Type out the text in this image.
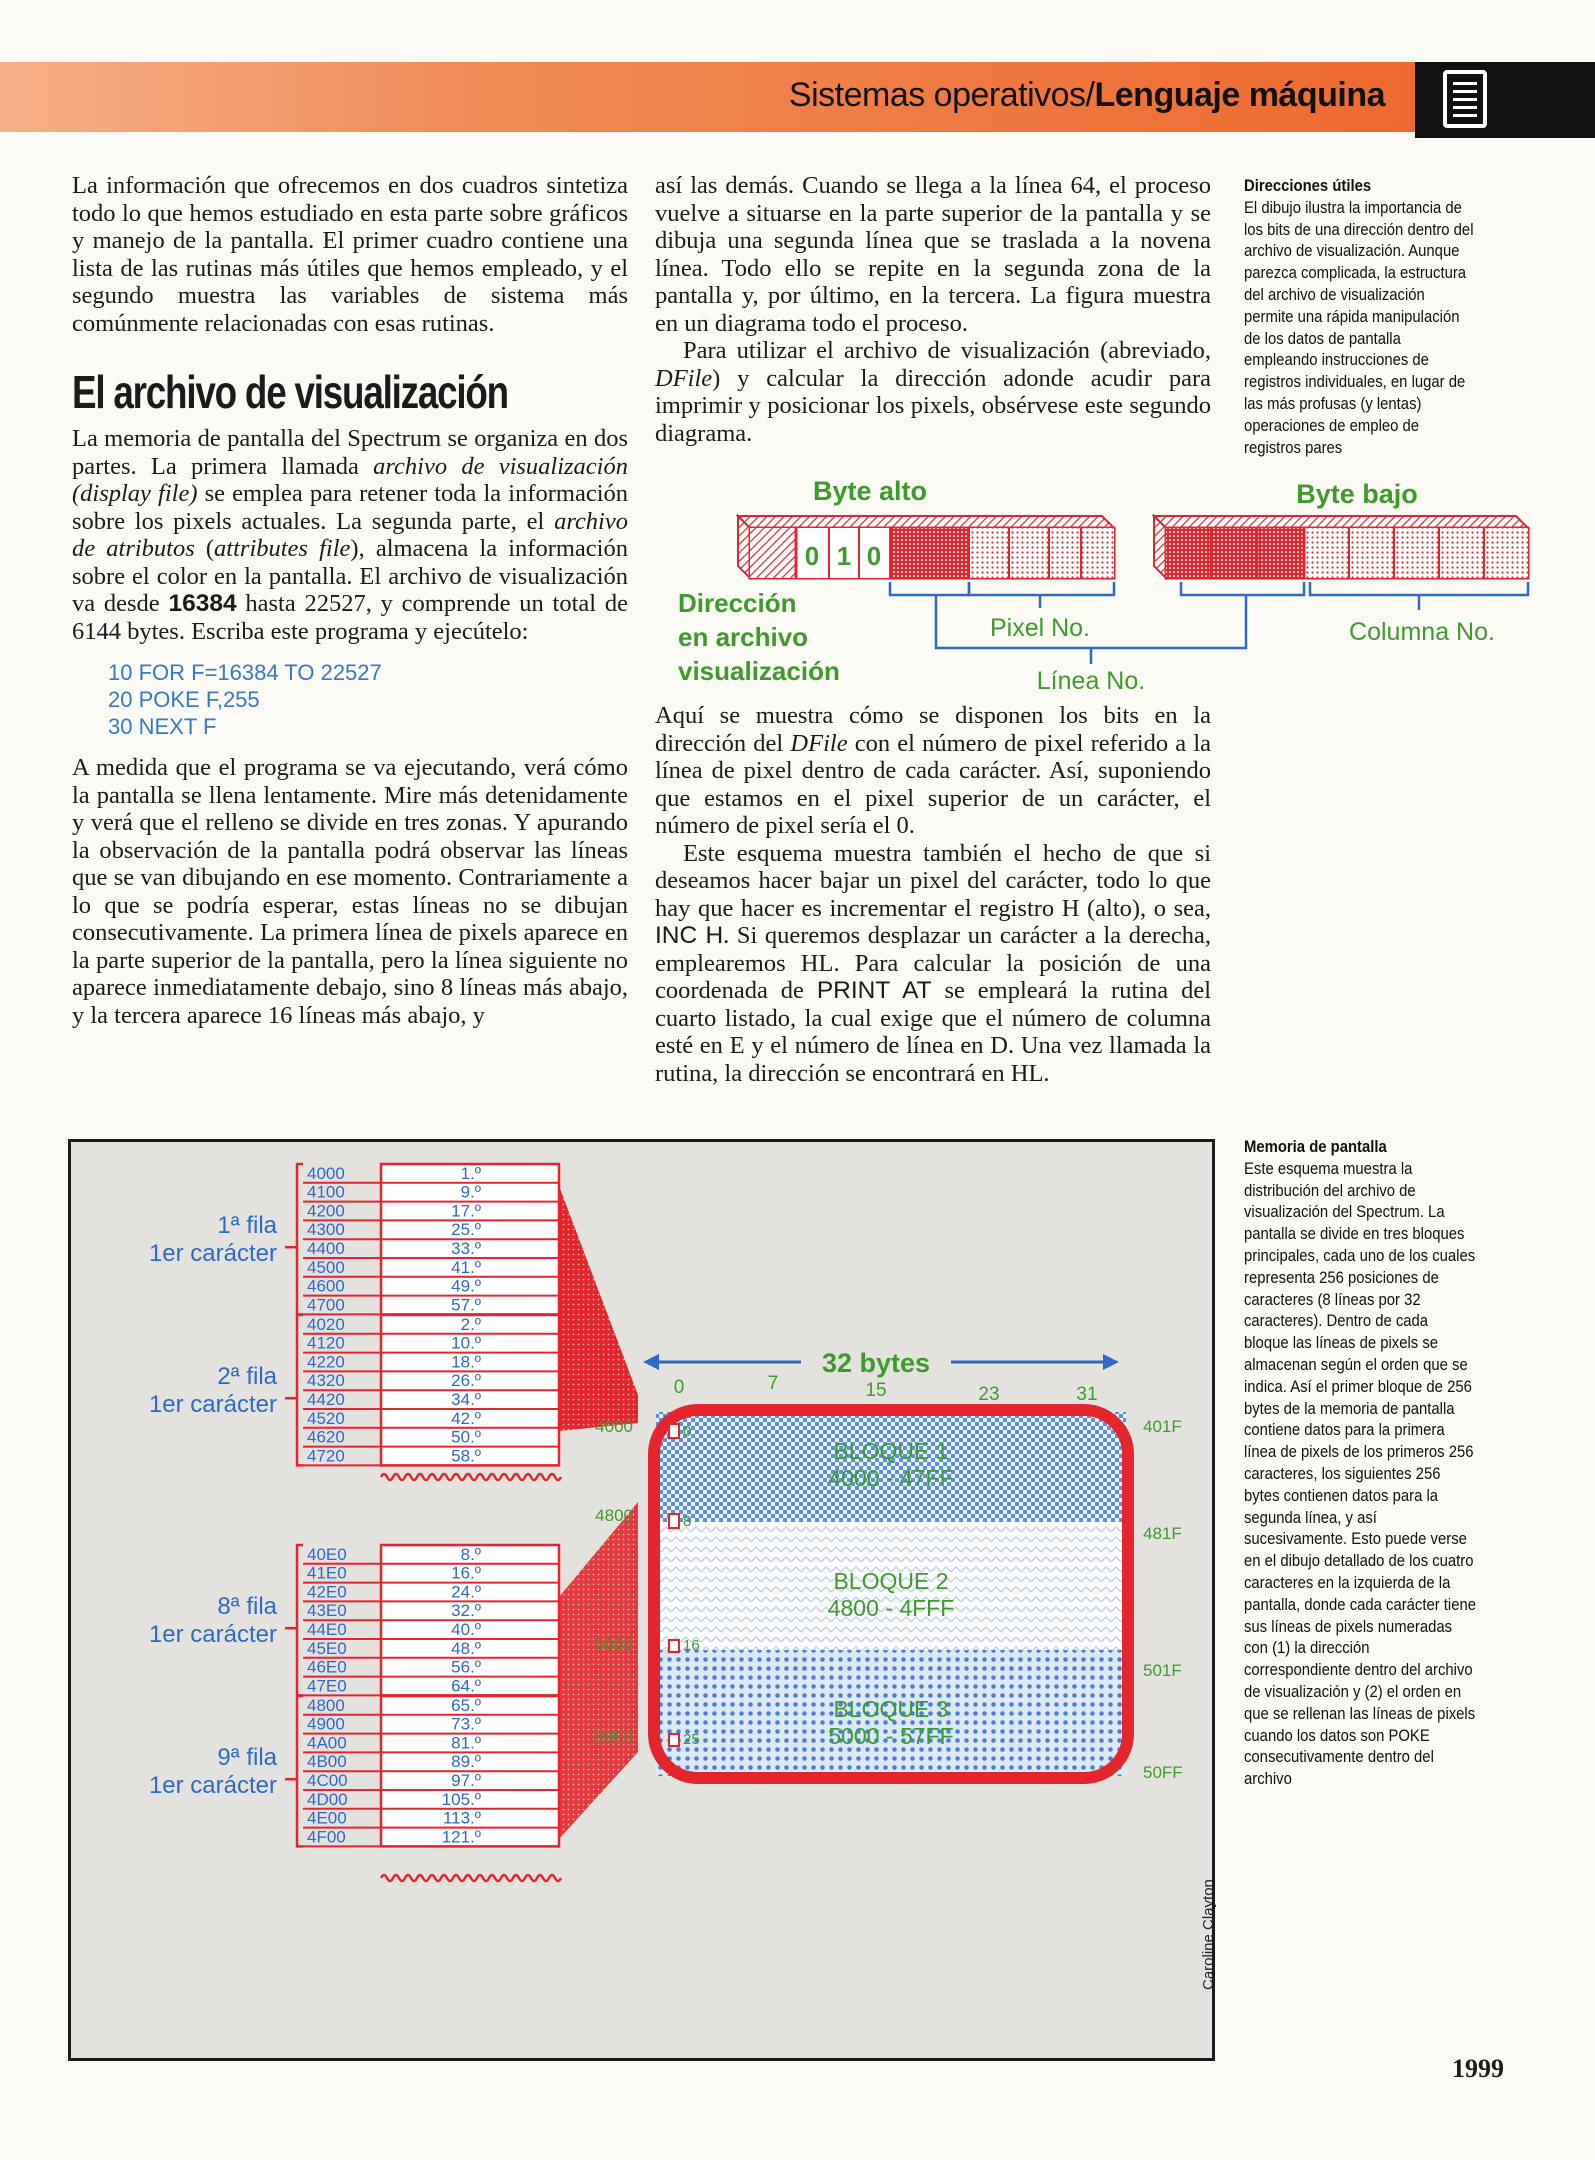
Sistemas operativos/Lenguaje máquina

La información que ofrecemos en dos cuadros sintetiza todo lo que hemos estudiado en esta parte sobre gráficos y manejo de la pantalla. El primer cuadro contiene una lista de las rutinas más útiles que hemos empleado, y el segundo muestra las variables de sistema más comúnmente relacionadas con esas rutinas.

El archivo de visualización

La memoria de pantalla del Spectrum se organiza en dos partes. La primera llamada archivo de visualización (display file) se emplea para retener toda la información sobre los pixels actuales. La segunda parte, el archivo de atributos (attributes file), almacena la información sobre el color en la pantalla. El archivo de visualización va desde 16384 hasta 22527, y comprende un total de 6144 bytes. Escriba este programa y ejecútelo:

10 FOR F=16384 TO 22527
20 POKE F,255
30 NEXT F

A medida que el programa se va ejecutando, verá cómo la pantalla se llena lentamente. Mire más detenidamente y verá que el relleno se divide en tres zonas. Y apurando la observación de la pantalla podrá observar las líneas que se van dibujando en ese momento. Contrariamente a lo que se podría esperar, estas líneas no se dibujan consecutivamente. La primera línea de pixels aparece en la parte superior de la pantalla, pero la línea siguiente no aparece inmediatamente debajo, sino 8 líneas más abajo, y la tercera aparece 16 líneas más abajo, y

así las demás. Cuando se llega a la línea 64, el proceso vuelve a situarse en la parte superior de la pantalla y se dibuja una segunda línea que se traslada a la novena línea. Todo ello se repite en la segunda zona de la pantalla y, por último, en la tercera. La figura muestra en un diagrama todo el proceso.

Para utilizar el archivo de visualización (abreviado, DFile) y calcular la dirección adonde acudir para imprimir y posicionar los pixels, obsérvese este segundo diagrama.

Aquí se muestra cómo se disponen los bits en la dirección del DFile con el número de pixel referido a la línea de pixel dentro de cada carácter. Así, suponiendo que estamos en el pixel superior de un carácter, el número de pixel sería el 0.

Este esquema muestra también el hecho de que si deseamos hacer bajar un pixel del carácter, todo lo que hay que hacer es incrementar el registro H (alto), o sea, INC H. Si queremos desplazar un carácter a la derecha, emplearemos HL. Para calcular la posición de una coordenada de PRINT AT se empleará la rutina del cuarto listado, la cual exige que el número de columna esté en E y el número de línea en D. Una vez llamada la rutina, la dirección se encontrará en HL.

Direcciones útiles
El dibujo ilustra la importancia de los bits de una dirección dentro del archivo de visualización. Aunque parezca complicada, la estructura del archivo de visualización permite una rápida manipulación de los datos de pantalla empleando instrucciones de registros individuales, en lugar de las más profusas (y lentas) operaciones de empleo de registros pares
Memoria de pantalla
Este esquema muestra la distribución del archivo de visualización del Spectrum. La pantalla se divide en tres bloques principales, cada uno de los cuales representa 256 posiciones de caracteres (8 líneas por 32 caracteres). Dentro de cada bloque las líneas de pixels se almacenan según el orden que se indica. Así el primer bloque de 256 bytes de la memoria de pantalla contiene datos para la primera línea de pixels de los primeros 256 caracteres, los siguientes 256 bytes contienen datos para la segunda línea, y así sucesivamente. Esto puede verse en el dibujo detallado de los cuatro caracteres en la izquierda de la pantalla, donde cada carácter tiene sus líneas de pixels numeradas con (1) la dirección correspondiente dentro del archivo de visualización y (2) el orden en que se rellenan las líneas de pixels cuando los datos son POKE consecutivamente dentro del archivo
Byte alto	Byte bajo
0 1 0
Dirección
en archivo
visualización
Pixel No.
Línea No.
Columna No.
32 bytes
0	7	15	23	31
BLOQUE 1
4000 - 47FF
BLOQUE 2
4800 - 4FFF
BLOQUE 3
5000 - 57FF
0
8
16
25
4000
4800
5000
50E0
401F
481F
501F
50FF
1ª fila
1er carácter
4000	1.º
4100	9.º
4200	17.º
4300	25.º
4400	33.º
4500	41.º
4600	49.º
4700	57.º
2ª fila
1er carácter
4020	2.º
4120	10.º
4220	18.º
4320	26.º
4420	34.º
4520	42.º
4620	50.º
4720	58.º
8ª fila
1er carácter
40E0	8.º
41E0	16.º
42E0	24.º
43E0	32.º
44E0	40.º
45E0	48.º
46E0	56.º
47E0	64.º
9ª fila
1er carácter
4800	65.º
4900	73.º
4A00	81.º
4B00	89.º
4C00	97.º
4D00	105.º
4E00	113.º
4F00	121.º
Caroline Clayton
1999
